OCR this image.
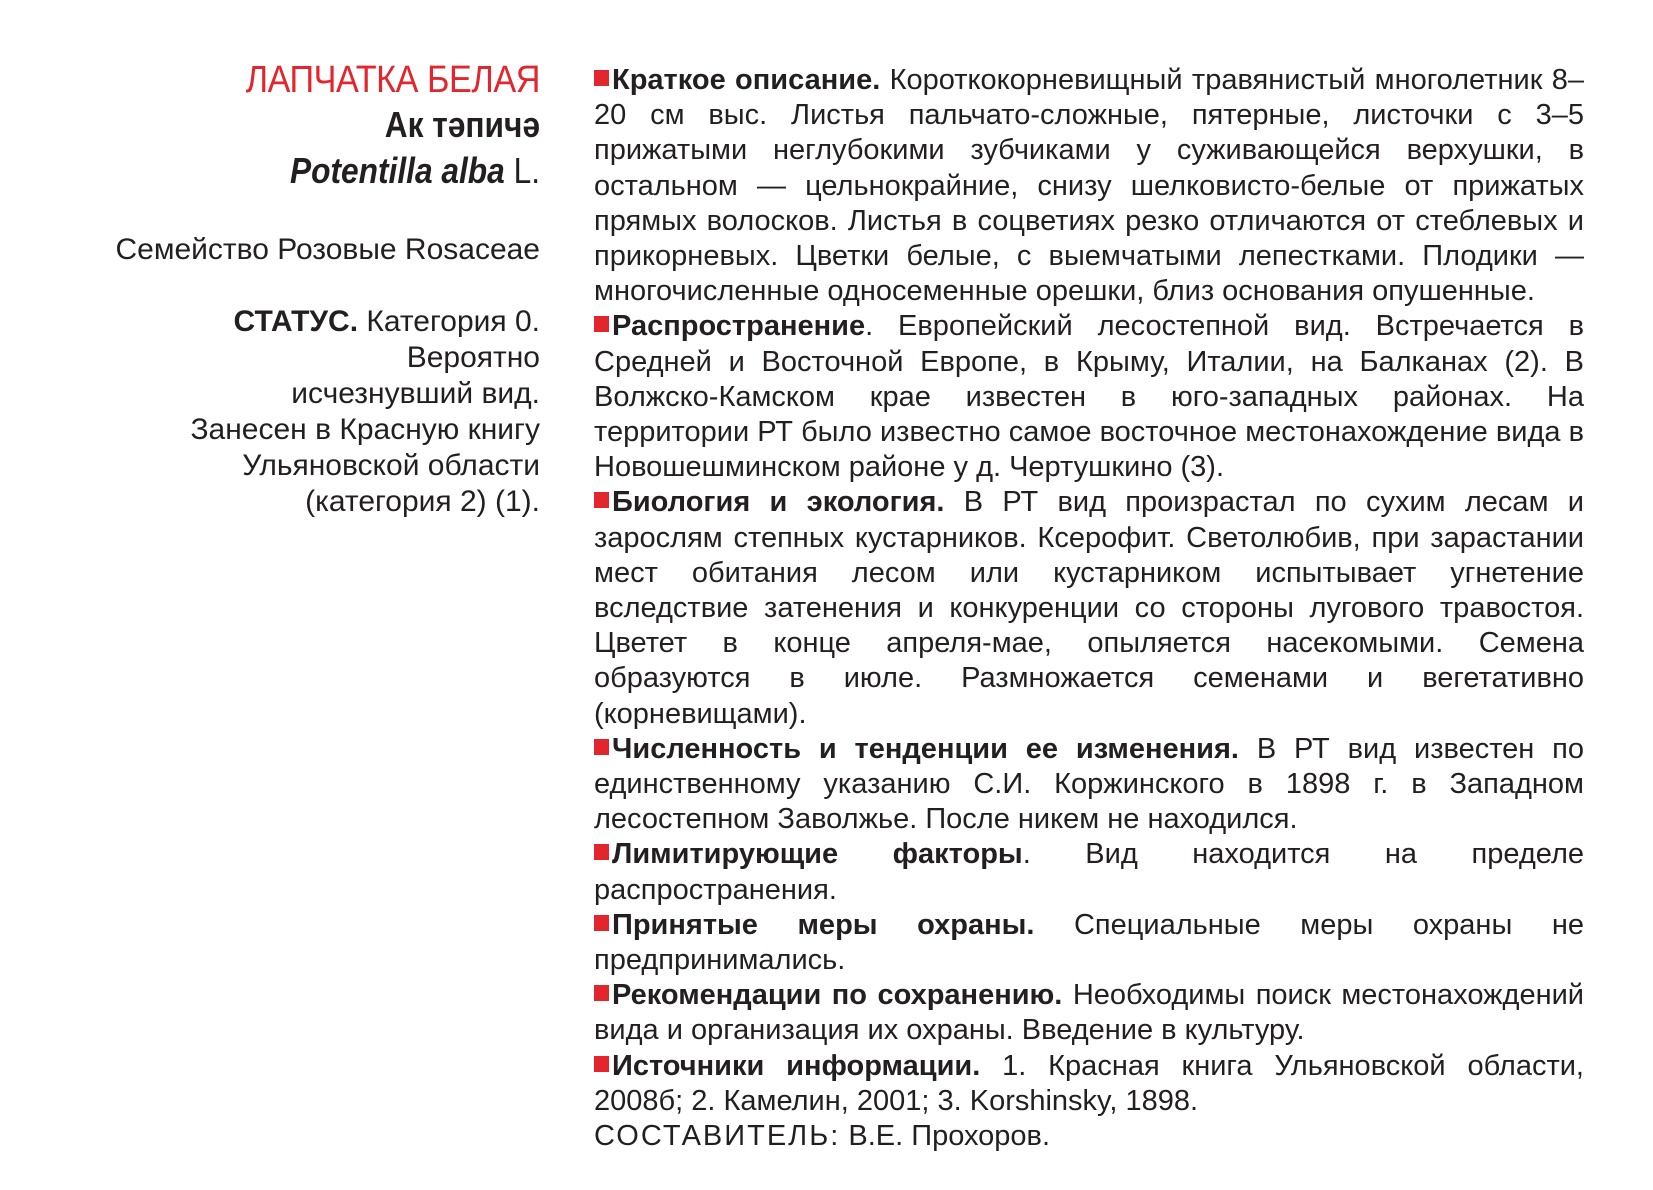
ЛАПЧАТКА БЕЛАЯ

Ак тәпичә

Potentilla alba L.

Семейство Розовые Rosaceae
СТАТУС. Категория 0.
Вероятно
исчезнувший вид.
Занесен в Красную книгу
Ульяновской области
(категория 2) (1).

Краткое описание. Короткокорневищный травянистый многолетник 8–20 см выс. Листья пальчато-сложные, пятерные, листочки с 3–5 прижатыми неглубокими зубчиками у суживающейся верхушки, в остальном — цельнокрайние, снизу шелковисто-белые от прижатых прямых волосков. Листья в соцветиях резко отличаются от стеблевых и прикорневых. Цветки белые, с выемчатыми лепестками. Плодики — многочисленные односеменные орешки, близ основания опушенные.

Распространение. Европейский лесостепной вид. Встречается в Средней и Восточной Европе, в Крыму, Италии, на Балканах (2). В Волжско-Камском крае известен в юго-западных районах. На территории РТ было известно самое восточное местонахождение вида в Новошешминском районе у д. Чертушкино (3).

Биология и экология. В РТ вид произрастал по сухим лесам и зарослям степных кустарников. Ксерофит. Светолюбив, при зарастании мест обитания лесом или кустарником испытывает угнетение вследствие затенения и конкуренции со стороны лугового травостоя. Цветет в конце апреля-мае, опыляется насекомыми. Семена образуются в июле. Размножается семенами и вегетативно (корневищами).

Численность и тенденции ее изменения. В РТ вид известен по единственному указанию С.И. Коржинского в 1898 г. в Западном лесостепном Заволжье. После никем не находился.

Лимитирующие факторы. Вид находится на пределе распространения.

Принятые меры охраны. Специальные меры охраны не предпринимались.

Рекомендации по сохранению. Необходимы поиск местонахождений вида и организация их охраны. Введение в культуру.

Источники информации. 1. Красная книга Ульяновской области, 2008б; 2. Камелин, 2001; 3. Korshinsky, 1898.

СОСТАВИТЕЛЬ: В.Е. Прохоров.
